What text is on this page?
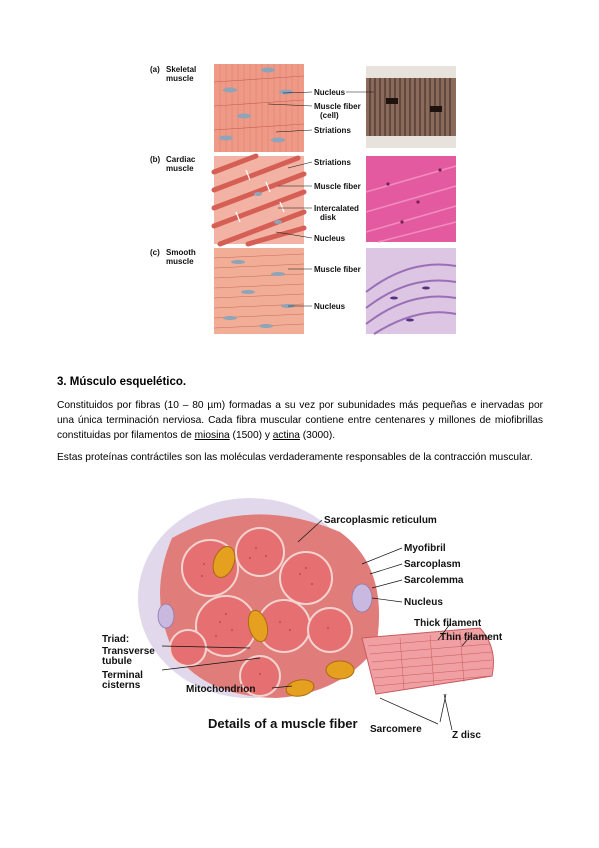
(a) Skeletal
muscle
(b) Cardiac
muscle
(c) Smooth
muscle
Nucleus
Muscle fiber
(cell)
Striations
Striations
Muscle fiber
Intercalated
disk
Nucleus
Muscle fiber
Nucleus
3. Músculo esquelético.
Constituidos por fibras (10 – 80 µm) formadas a su vez por subunidades más pequeñas e inervadas por una única terminación nerviosa. Cada fibra muscular contiene entre centenares y millones de miofibrillas constituidas por filamentos de miosina (1500) y actina (3000).
Estas proteínas contráctiles son las moléculas verdaderamente responsables de la contracción muscular.
Sarcoplasmic reticulum
Myofibril
Sarcoplasm
Sarcolemma
Nucleus
Thick filament
Thin filament
Triad:
Transverse
tubule
Terminal
cisterns	Mitochondrion
Sarcomere
Z disc
Details of a muscle fiber
